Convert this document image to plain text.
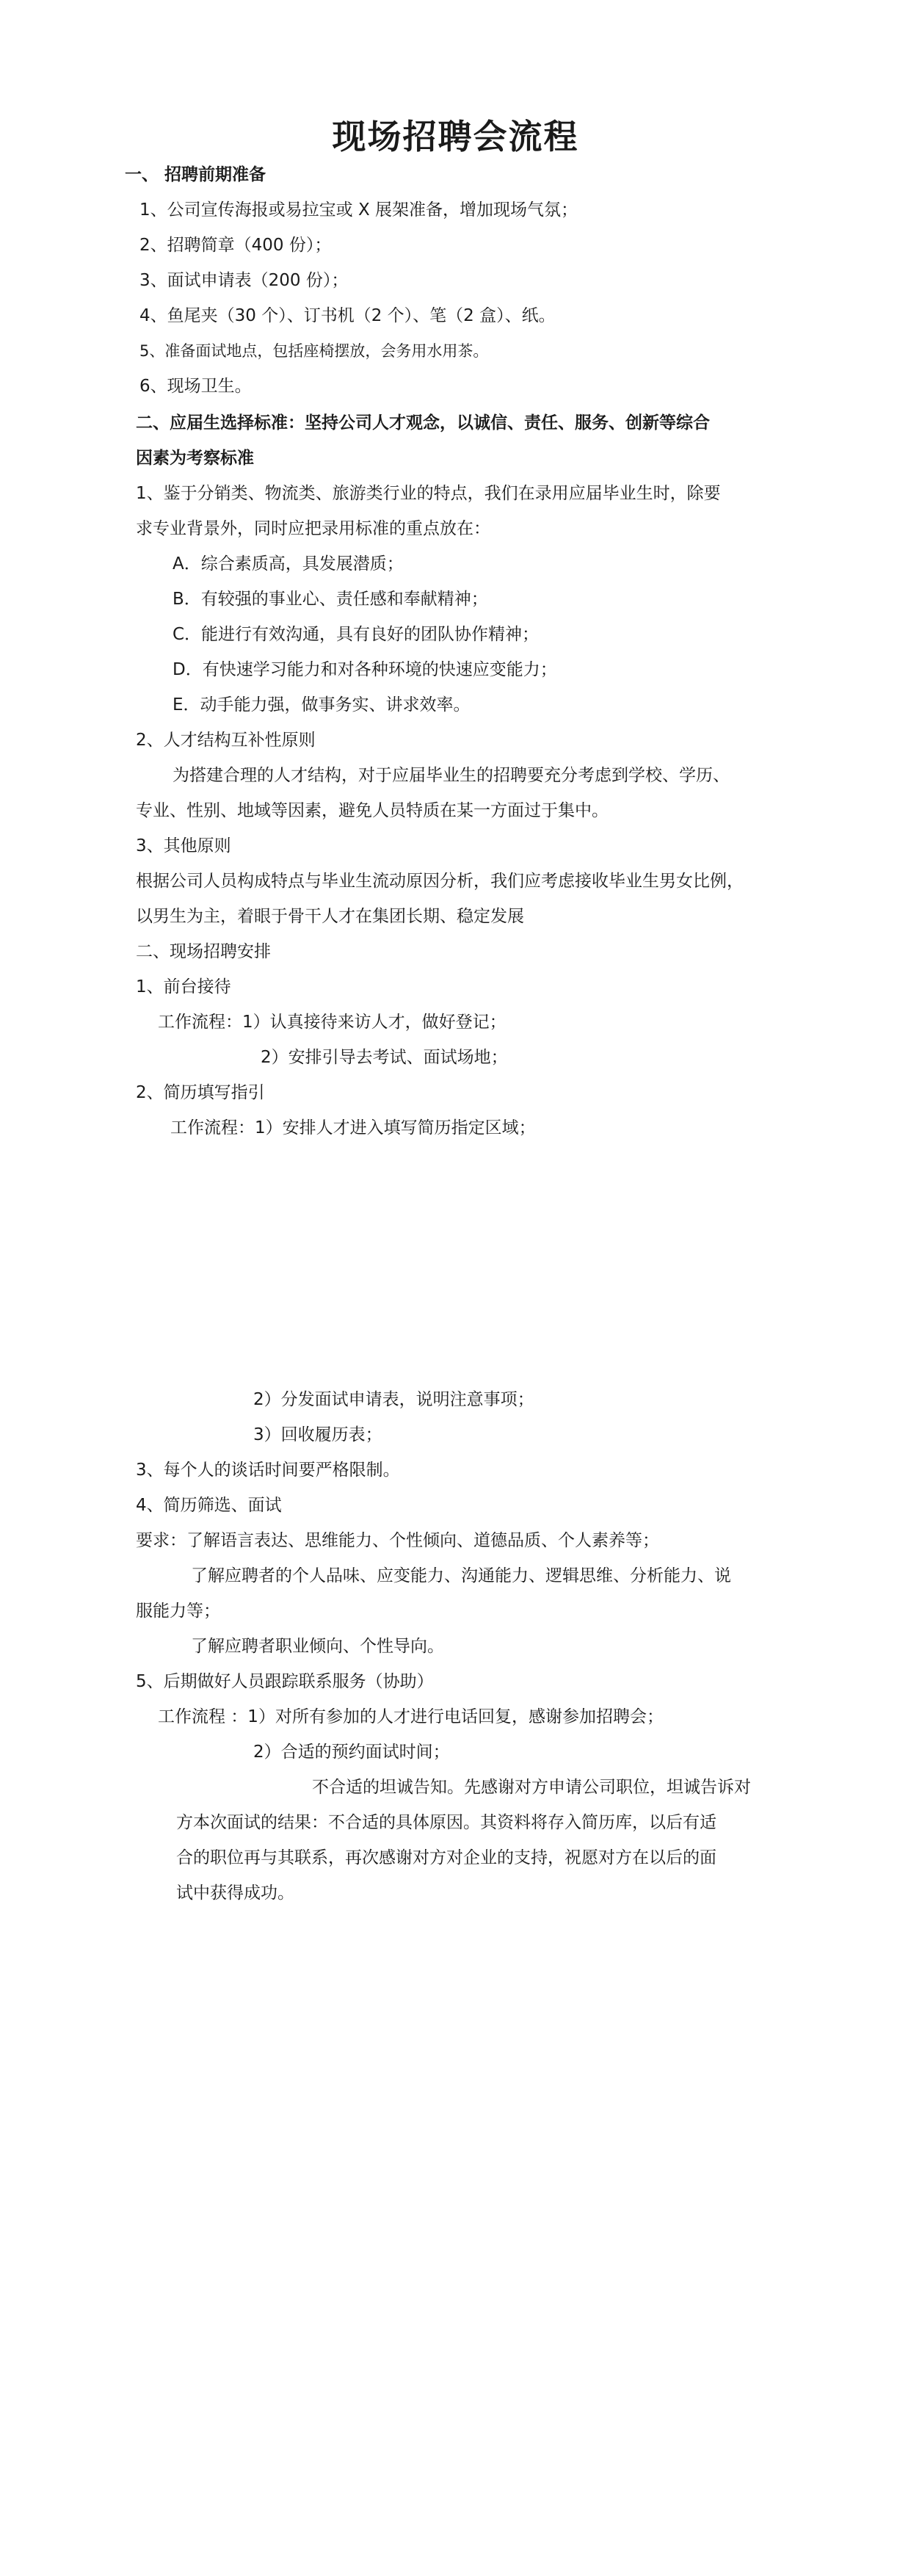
现场招聘会流程
一、 招聘前期准备
1、公司宣传海报或易拉宝或 X 展架准备，增加现场气氛；
2、招聘简章（400 份）；
3、面试申请表（200 份）；
4、鱼尾夹（30 个）、订书机（2 个）、笔（2 盒）、纸。
5、准备面试地点，包括座椅摆放，会务用水用茶。
6、现场卫生。
二、应届生选择标准：坚持公司人才观念，以诚信、责任、服务、创新等综合
因素为考察标准
1、鉴于分销类、物流类、旅游类行业的特点，我们在录用应届毕业生时，除要
求专业背景外，同时应把录用标准的重点放在：
A．综合素质高，具发展潜质；
B．有较强的事业心、责任感和奉献精神；
C．能进行有效沟通，具有良好的团队协作精神；
D．有快速学习能力和对各种环境的快速应变能力；
E．动手能力强，做事务实、讲求效率。
2、人才结构互补性原则
为搭建合理的人才结构，对于应届毕业生的招聘要充分考虑到学校、学历、
专业、性别、地域等因素，避免人员特质在某一方面过于集中。
3、其他原则
根据公司人员构成特点与毕业生流动原因分析，我们应考虑接收毕业生男女比例，
以男生为主，着眼于骨干人才在集团长期、稳定发展
二、现场招聘安排
1、前台接待
工作流程：1）认真接待来访人才，做好登记；
2）安排引导去考试、面试场地；
2、简历填写指引
工作流程：1）安排人才进入填写简历指定区域；
2）分发面试申请表，说明注意事项；
3）回收履历表；
3、每个人的谈话时间要严格限制。
4、简历筛选、面试
要求：了解语言表达、思维能力、个性倾向、道德品质、个人素养等；
了解应聘者的个人品味、应变能力、沟通能力、逻辑思维、分析能力、说
服能力等；
了解应聘者职业倾向、个性导向。
5、后期做好人员跟踪联系服务（协助）
工作流程 ：1）对所有参加的人才进行电话回复，感谢参加招聘会；
2）合适的预约面试时间；
不合适的坦诚告知。先感谢对方申请公司职位，坦诚告诉对
方本次面试的结果：不合适的具体原因。其资料将存入简历库，以后有适
合的职位再与其联系，再次感谢对方对企业的支持，祝愿对方在以后的面
试中获得成功。
